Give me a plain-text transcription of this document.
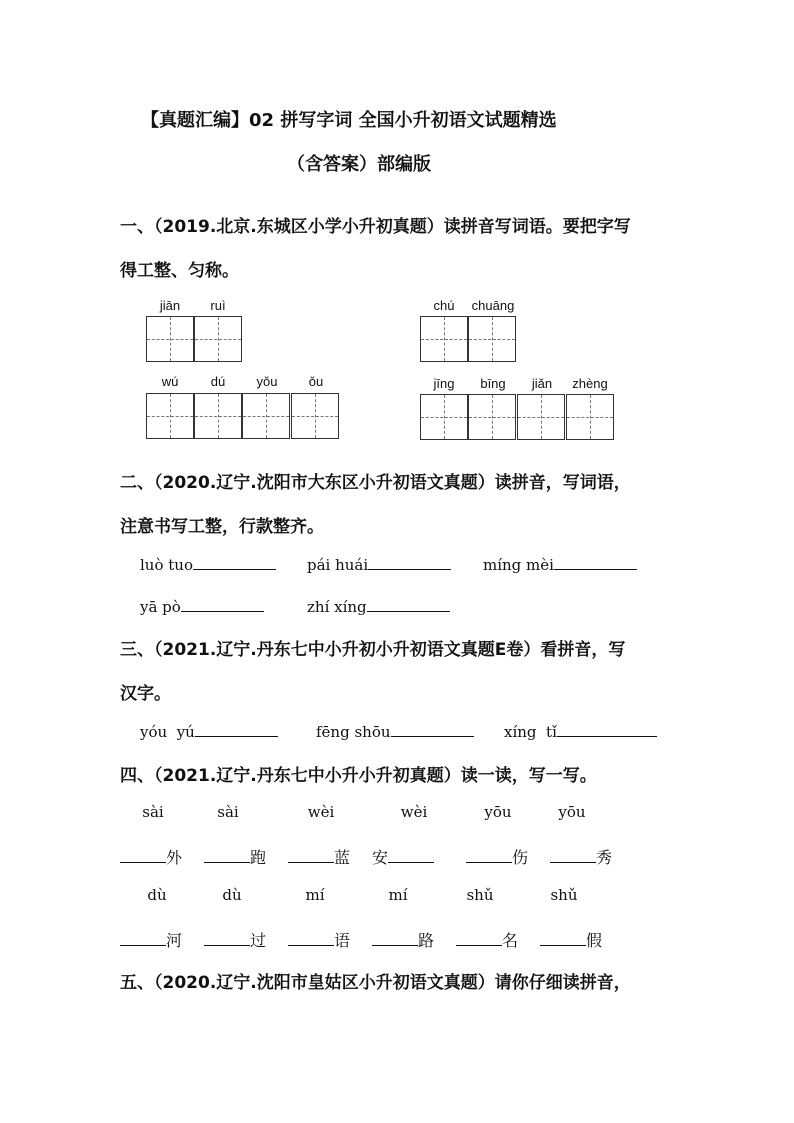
【真题汇编】02 拼写字词 全国小升初语文试题精选
（含答案）部编版
一、（2019.北京.东城区小学小升初真题）读拼音写词语。要把字写
得工整、匀称。
jiān ruì	chú chuāng
wú dú yǒu ǒu	jīng bīng jiǎn zhèng
二、（2020.辽宁.沈阳市大东区小升初语文真题）读拼音，写词语，
注意书写工整，行款整齐。
luò tuo	pái huái	míng mèi
yā pò	zhí xíng
三、（2021.辽宁.丹东七中小升初小升初语文真题E卷）看拼音，写
汉字。
yóu  yú	fēng shōu	xíng  tǐ
四、（2021.辽宁.丹东七中小升小升初真题）读一读，写一写。
sài	sài	wèi	wèi	yōu	yōu
外	跑	蓝 安	伤	秀
dù	dù	mí	mí	shǔ	shǔ
河	过	语	路	名	假
五、（2020.辽宁.沈阳市皇姑区小升初语文真题）请你仔细读拼音，
